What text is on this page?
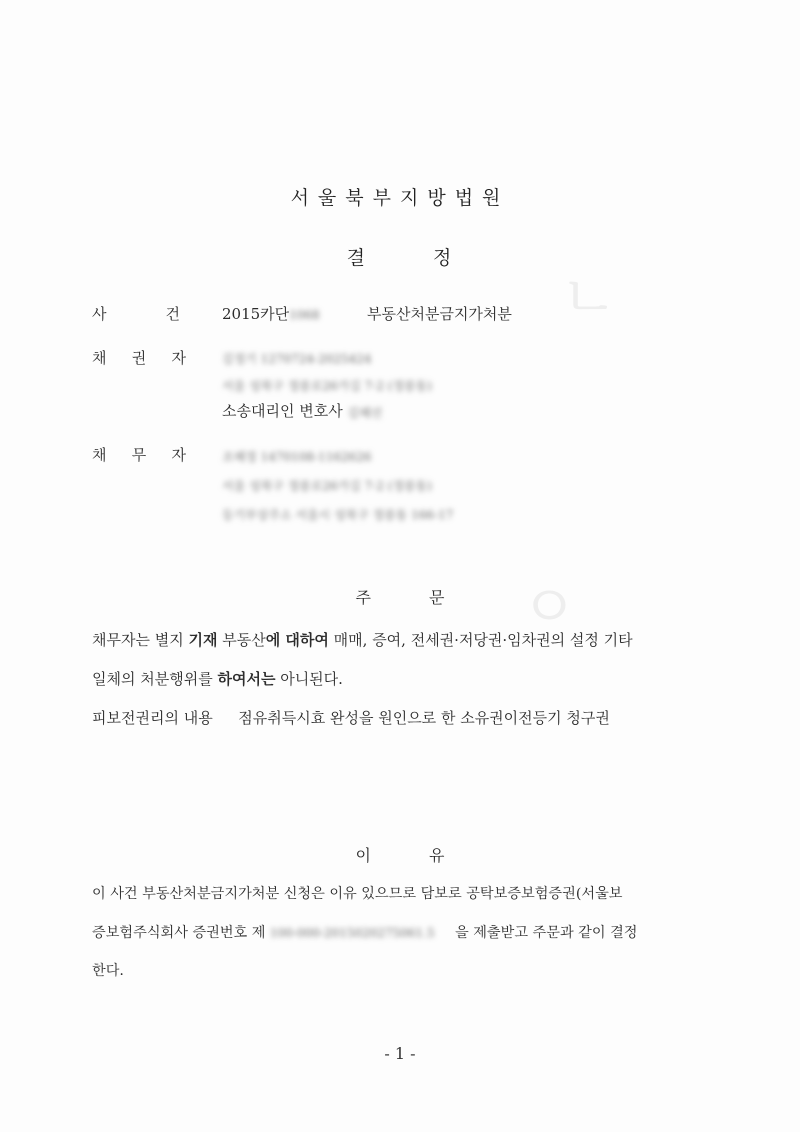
ㄴ
ㅇ
서울북부지방법원
결	정
사	건	2015카단1068	부동산처분금지가처분
채 권 자	김정기 1270724-2025424
서울 성북구 정릉로26가길 7-2 (정릉동)
소송대리인 변호사 김혜선
채 무 자	조혜정 1470108-1162626
서울 성북구 정릉로26가길 7-2 (정릉동)
등기부상주소 서울시 성북구 정릉동 166-17
주	문
채무자는 별지 기재 부동산에 대하여 매매, 증여, 전세권·저당권·임차권의 설정 기타
일체의 처분행위를 하여서는 아니된다.
피보전권리의 내용 점유취득시효 완성을 원인으로 한 소유권이전등기 청구권
이	유
이 사건 부동산처분금지가처분 신청은 이유 있으므로 담보로 공탁보증보험증권(서울보
증보험주식회사 증권번호 제 100-000-2015020275061.5 을 제출받고 주문과 같이 결정
한다.
- 1 -
